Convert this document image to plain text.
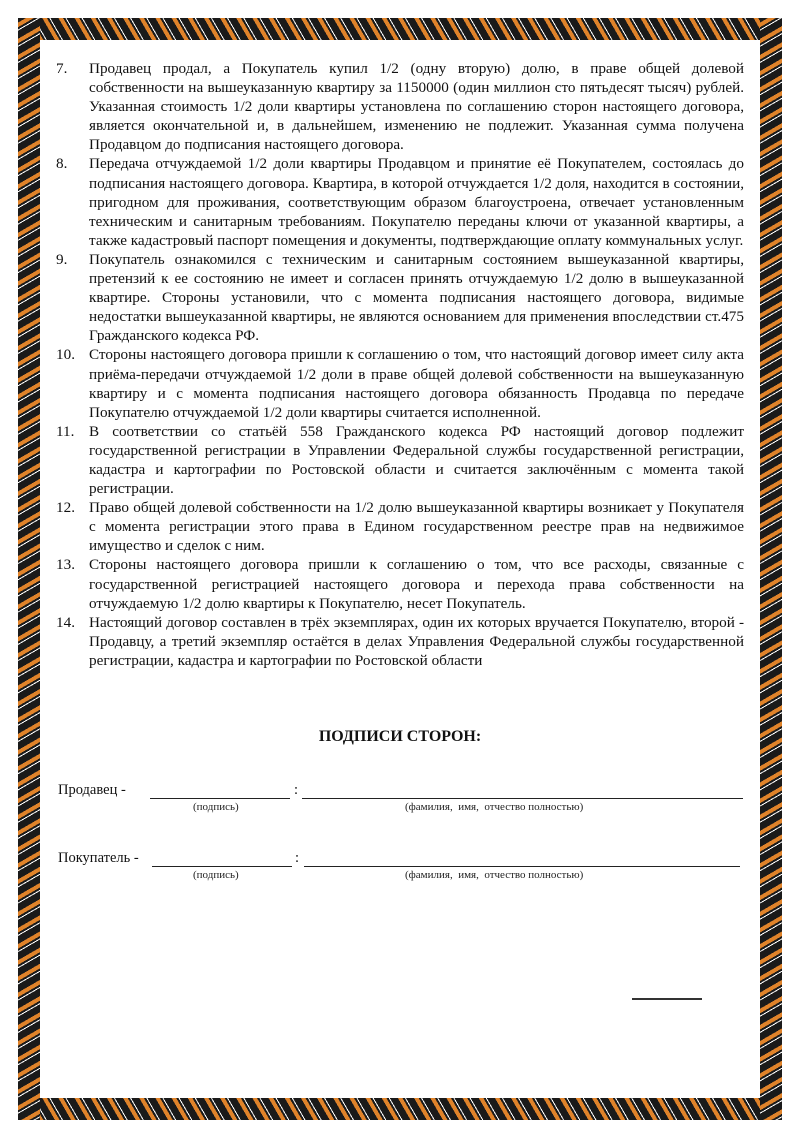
7.	Продавец продал, а Покупатель купил 1/2 (одну вторую) долю, в праве общей долевой собственности на вышеуказанную квартиру за 1150000 (один миллион сто пятьдесят тысяч) рублей. Указанная стоимость 1/2 доли квартиры установлена по соглашению сторон настоящего договора, является окончательной и, в дальнейшем, изменению не подлежит. Указанная сумма получена Продавцом до подписания настоящего договора.
8.	Передача отчуждаемой 1/2 доли квартиры Продавцом и принятие её Покупателем, состоялась до подписания настоящего договора. Квартира, в которой отчуждается 1/2 доля, находится в состоянии, пригодном для проживания, соответствующим образом благоустроена, отвечает установленным техническим и санитарным требованиям. Покупателю переданы ключи от указанной квартиры, а также кадастровый паспорт помещения и документы, подтверждающие оплату коммунальных услуг.
9.	Покупатель ознакомился с техническим и санитарным состоянием вышеуказанной квартиры, претензий к ее состоянию не имеет и согласен принять отчуждаемую 1/2 долю в вышеуказанной квартире. Стороны установили, что с момента подписания настоящего договора, видимые недостатки вышеуказанной квартиры, не являются основанием для применения впоследствии ст.475 Гражданского кодекса РФ.
10. Стороны настоящего договора пришли к соглашению о том, что настоящий договор имеет силу акта приёма-передачи отчуждаемой 1/2 доли в праве общей долевой собственности на вышеуказанную квартиру и с момента подписания настоящего договора обязанность Продавца по передаче Покупателю отчуждаемой 1/2 доли квартиры считается исполненной.
11. В соответствии со статьёй 558 Гражданского кодекса РФ настоящий договор подлежит государственной регистрации в Управлении Федеральной службы государственной регистрации, кадастра и картографии по Ростовской области и считается заключённым с момента такой регистрации.
12. Право общей долевой собственности на 1/2 долю вышеуказанной квартиры возникает у Покупателя с момента регистрации этого права в Едином государственном реестре прав на недвижимое имущество и сделок с ним.
13. Стороны настоящего договора пришли к соглашению о том, что все расходы, связанные с государственной регистрацией настоящего договора и перехода права собственности на отчуждаемую 1/2 долю квартиры к Покупателю, несет Покупатель.
14. Настоящий договор составлен в трёх экземплярах, один их которых вручается Покупателю, второй - Продавцу, а третий экземпляр остаётся в делах Управления Федеральной службы государственной регистрации, кадастра и картографии по Ростовской области
ПОДПИСИ СТОРОН:
Продавец -	:
(подпись)	(фамилия,  имя,  отчество полностью)
Покупатель -	:
(подпись)	(фамилия,  имя,  отчество полностью)
